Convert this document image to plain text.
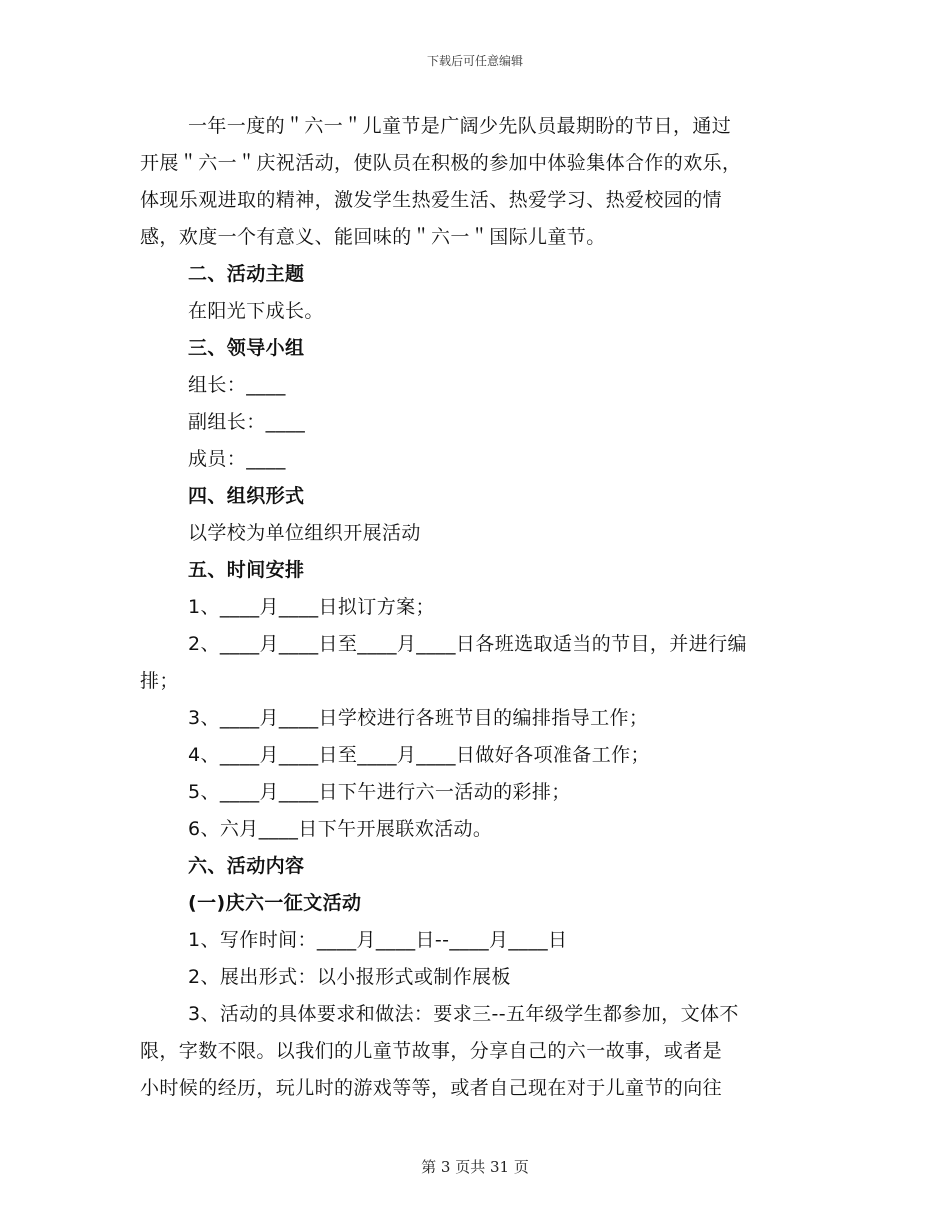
下载后可任意编辑

一年一度的＂六一＂儿童节是广阔少先队员最期盼的节日，通过

开展＂六一＂庆祝活动，使队员在积极的参加中体验集体合作的欢乐，

体现乐观进取的精神，激发学生热爱生活、热爱学习、热爱校园的情

感，欢度一个有意义、能回味的＂六一＂国际儿童节。

二、活动主题

在阳光下成长。

三、领导小组

组长：____

副组长：____

成员：____

四、组织形式

以学校为单位组织开展活动

五、时间安排

1、____月____日拟订方案；

2、____月____日至____月____日各班选取适当的节目，并进行编

排；

3、____月____日学校进行各班节目的编排指导工作；

4、____月____日至____月____日做好各项准备工作；

5、____月____日下午进行六一活动的彩排；

6、六月____日下午开展联欢活动。

六、活动内容

(一)庆六一征文活动

1、写作时间：____月____日--____月____日

2、展出形式：以小报形式或制作展板

3、活动的具体要求和做法：要求三--五年级学生都参加，文体不

限，字数不限。以我们的儿童节故事，分享自己的六一故事，或者是

小时候的经历，玩儿时的游戏等等，或者自己现在对于儿童节的向往

第 3 页共 31 页
